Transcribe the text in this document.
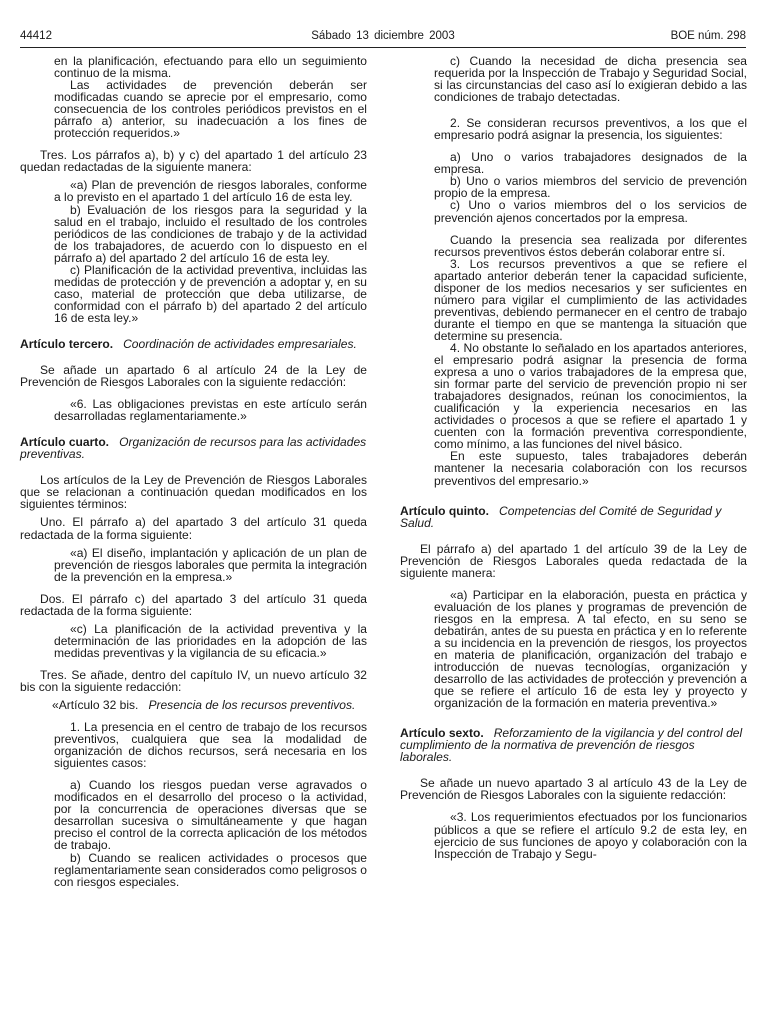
44412	Sábado 13 diciembre 2003	BOE núm. 298

en la planificación, efectuando para ello un seguimiento continuo de la misma.

Las actividades de prevención deberán ser modificadas cuando se aprecie por el empresario, como consecuencia de los controles periódicos previstos en el párrafo a) anterior, su inadecuación a los fines de protección requeridos.»

Tres. Los párrafos a), b) y c) del apartado 1 del artículo 23 quedan redactadas de la siguiente manera:

«a) Plan de prevención de riesgos laborales, conforme a lo previsto en el apartado 1 del artículo 16 de esta ley.

b) Evaluación de los riesgos para la seguridad y la salud en el trabajo, incluido el resultado de los controles periódicos de las condiciones de trabajo y de la actividad de los trabajadores, de acuerdo con lo dispuesto en el párrafo a) del apartado 2 del artículo 16 de esta ley.

c) Planificación de la actividad preventiva, incluidas las medidas de protección y de prevención a adoptar y, en su caso, material de protección que deba utilizarse, de conformidad con el párrafo b) del apartado 2 del artículo 16 de esta ley.»

Artículo tercero. Coordinación de actividades empresariales.

Se añade un apartado 6 al artículo 24 de la Ley de Prevención de Riesgos Laborales con la siguiente redacción:

«6. Las obligaciones previstas en este artículo serán desarrolladas reglamentariamente.»

Artículo cuarto. Organización de recursos para las actividades preventivas.

Los artículos de la Ley de Prevención de Riesgos Laborales que se relacionan a continuación quedan modificados en los siguientes términos:

Uno. El párrafo a) del apartado 3 del artículo 31 queda redactada de la forma siguiente:

«a) El diseño, implantación y aplicación de un plan de prevención de riesgos laborales que permita la integración de la prevención en la empresa.»

Dos. El párrafo c) del apartado 3 del artículo 31 queda redactada de la forma siguiente:

«c) La planificación de la actividad preventiva y la determinación de las prioridades en la adopción de las medidas preventivas y la vigilancia de su eficacia.»

Tres. Se añade, dentro del capítulo IV, un nuevo artículo 32 bis con la siguiente redacción:

«Artículo 32 bis. Presencia de los recursos preventivos.

1. La presencia en el centro de trabajo de los recursos preventivos, cualquiera que sea la modalidad de organización de dichos recursos, será necesaria en los siguientes casos:

a) Cuando los riesgos puedan verse agravados o modificados en el desarrollo del proceso o la actividad, por la concurrencia de operaciones diversas que se desarrollan sucesiva o simultáneamente y que hagan preciso el control de la correcta aplicación de los métodos de trabajo.

b) Cuando se realicen actividades o procesos que reglamentariamente sean considerados como peligrosos o con riesgos especiales.

c) Cuando la necesidad de dicha presencia sea requerida por la Inspección de Trabajo y Seguridad Social, si las circunstancias del caso así lo exigieran debido a las condiciones de trabajo detectadas.

2. Se consideran recursos preventivos, a los que el empresario podrá asignar la presencia, los siguientes:

a) Uno o varios trabajadores designados de la empresa.

b) Uno o varios miembros del servicio de prevención propio de la empresa.

c) Uno o varios miembros del o los servicios de prevención ajenos concertados por la empresa.

Cuando la presencia sea realizada por diferentes recursos preventivos éstos deberán colaborar entre sí.

3. Los recursos preventivos a que se refiere el apartado anterior deberán tener la capacidad suficiente, disponer de los medios necesarios y ser suficientes en número para vigilar el cumplimiento de las actividades preventivas, debiendo permanecer en el centro de trabajo durante el tiempo en que se mantenga la situación que determine su presencia.

4. No obstante lo señalado en los apartados anteriores, el empresario podrá asignar la presencia de forma expresa a uno o varios trabajadores de la empresa que, sin formar parte del servicio de prevención propio ni ser trabajadores designados, reúnan los conocimientos, la cualificación y la experiencia necesarios en las actividades o procesos a que se refiere el apartado 1 y cuenten con la formación preventiva correspondiente, como mínimo, a las funciones del nivel básico.

En este supuesto, tales trabajadores deberán mantener la necesaria colaboración con los recursos preventivos del empresario.»

Artículo quinto. Competencias del Comité de Seguridad y Salud.

El párrafo a) del apartado 1 del artículo 39 de la Ley de Prevención de Riesgos Laborales queda redactada de la siguiente manera:

«a) Participar en la elaboración, puesta en práctica y evaluación de los planes y programas de prevención de riesgos en la empresa. A tal efecto, en su seno se debatirán, antes de su puesta en práctica y en lo referente a su incidencia en la prevención de riesgos, los proyectos en materia de planificación, organización del trabajo e introducción de nuevas tecnologías, organización y desarrollo de las actividades de protección y prevención a que se refiere el artículo 16 de esta ley y proyecto y organización de la formación en materia preventiva.»

Artículo sexto. Reforzamiento de la vigilancia y del control del cumplimiento de la normativa de prevención de riesgos laborales.

Se añade un nuevo apartado 3 al artículo 43 de la Ley de Prevención de Riesgos Laborales con la siguiente redacción:

«3. Los requerimientos efectuados por los funcionarios públicos a que se refiere el artículo 9.2 de esta ley, en ejercicio de sus funciones de apoyo y colaboración con la Inspección de Trabajo y Segu-
